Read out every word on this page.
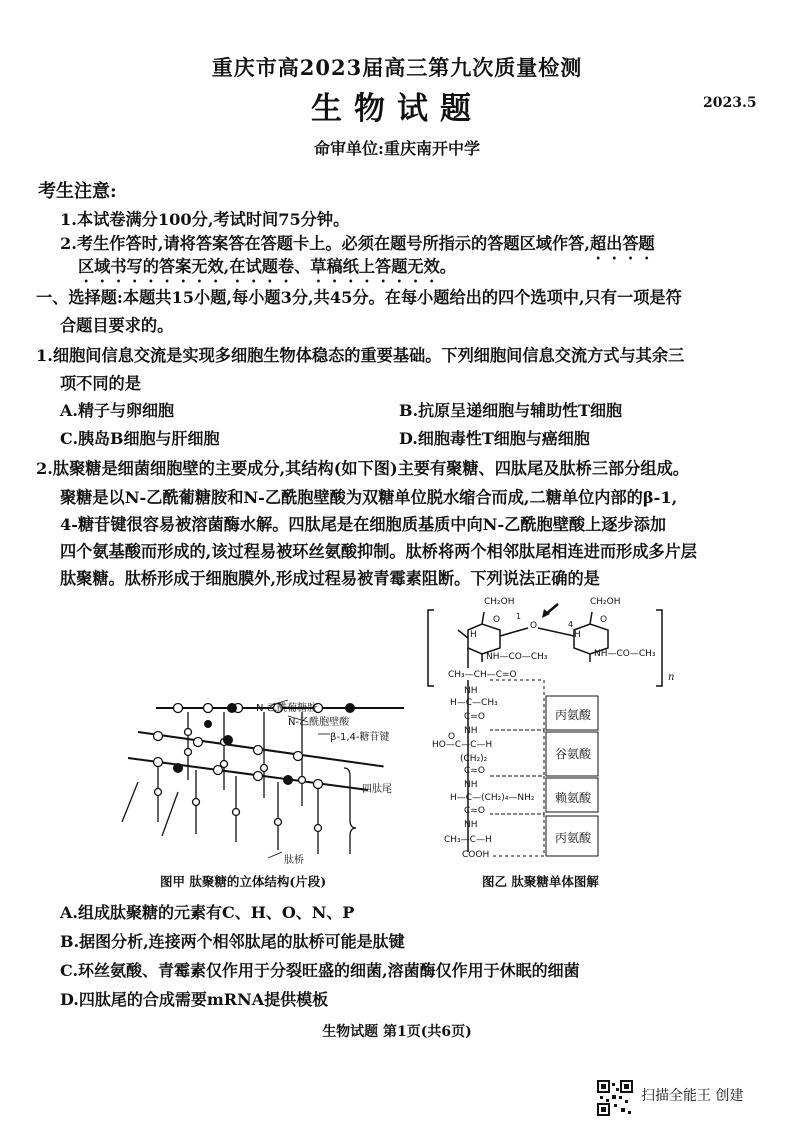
重庆市高2023届高三第九次质量检测
生物试题	2023.5
命审单位:重庆南开中学
考生注意:
1.本试卷满分100分,考试时间75分钟。
2.考生作答时,请将答案答在答题卡上。必须在题号所指示的答题区域作答,超出答题
区域书写的答案无效,在试题卷、草稿纸上答题无效。
一、选择题:本题共15小题,每小题3分,共45分。在每小题给出的四个选项中,只有一项是符
合题目要求的。
1.细胞间信息交流是实现多细胞生物体稳态的重要基础。下列细胞间信息交流方式与其余三
项不同的是
A.精子与卵细胞	B.抗原呈递细胞与辅助性T细胞
C.胰岛B细胞与肝细胞	D.细胞毒性T细胞与癌细胞
2.肽聚糖是细菌细胞壁的主要成分,其结构(如下图)主要有聚糖、四肽尾及肽桥三部分组成。
聚糖是以N-乙酰葡糖胺和N-乙酰胞壁酸为双糖单位脱水缩合而成,二糖单位内部的β-1,
4-糖苷键很容易被溶菌酶水解。四肽尾是在细胞质基质中向N-乙酰胞壁酸上逐步添加
四个氨基酸而形成的,该过程易被环丝氨酸抑制。肽桥将两个相邻肽尾相连进而形成多片层
肽聚糖。肽桥形成于细胞膜外,形成过程易被青霉素阻断。下列说法正确的是
N-乙酰葡糖胺
N-乙酰胞壁酸
β-1,4-糖苷键
四肽尾
肽桥
图甲 肽聚糖的立体结构(片段)
CH₂OH	CH₂OH
O	O
O
H	H
1
4
NH—CO—CH₃	NH—CO—CH₃
CH₃—CH—C=O	n
NH
H—C—CH₃
C=O
NH
O
HO—C—C—H
(CH₂)₂
C=O
NH
H—C—(CH₂)₄—NH₂
C=O
NH
CH₃—C—H
COOH
丙氨酸
谷氨酸
赖氨酸
丙氨酸
图乙 肽聚糖单体图解
A.组成肽聚糖的元素有C、H、O、N、P
B.据图分析,连接两个相邻肽尾的肽桥可能是肽键
C.环丝氨酸、青霉素仅作用于分裂旺盛的细菌,溶菌酶仅作用于休眠的细菌
D.四肽尾的合成需要mRNA提供模板
生物试题 第1页(共6页)
扫描全能王 创建
